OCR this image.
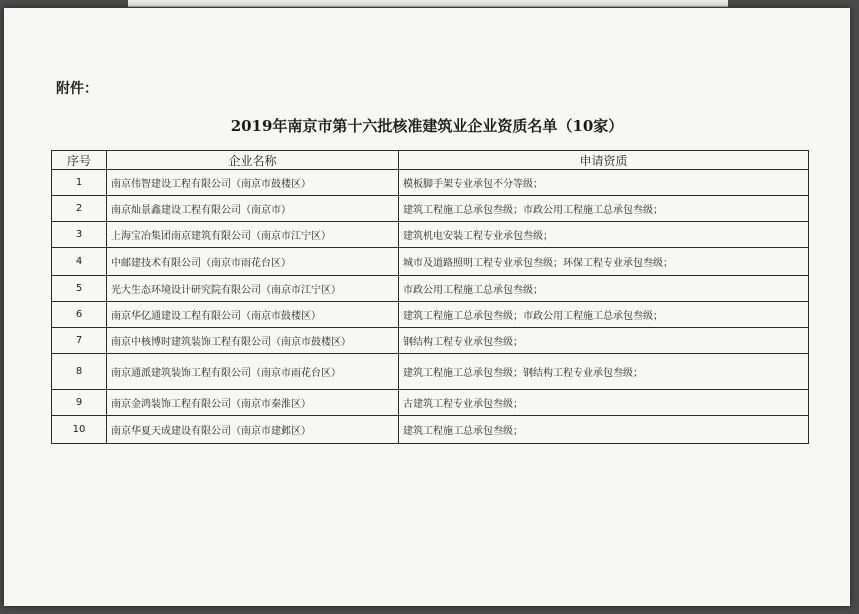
附件：
2019年南京市第十六批核准建筑业企业资质名单（10家）
序号	企业名称	申请资质
1	南京伟智建设工程有限公司（南京市鼓楼区）	模板脚手架专业承包不分等级；
2	南京灿景鑫建设工程有限公司（南京市）	建筑工程施工总承包叁级；市政公用工程施工总承包叁级；
3	上海宝冶集团南京建筑有限公司（南京市江宁区）	建筑机电安装工程专业承包叁级；
4	中邮建技术有限公司（南京市雨花台区）	城市及道路照明工程专业承包叁级；环保工程专业承包叁级；
5	光大生态环境设计研究院有限公司（南京市江宁区）	市政公用工程施工总承包叁级；
6	南京华亿通建设工程有限公司（南京市鼓楼区）	建筑工程施工总承包叁级；市政公用工程施工总承包叁级；
7	南京中核博时建筑装饰工程有限公司（南京市鼓楼区）	钢结构工程专业承包叁级；
8	南京通派建筑装饰工程有限公司（南京市雨花台区）	建筑工程施工总承包叁级；钢结构工程专业承包叁级；
9	南京金鸿装饰工程有限公司（南京市秦淮区）	古建筑工程专业承包叁级；
10	南京华夏天成建设有限公司（南京市建邺区）	建筑工程施工总承包叁级；
